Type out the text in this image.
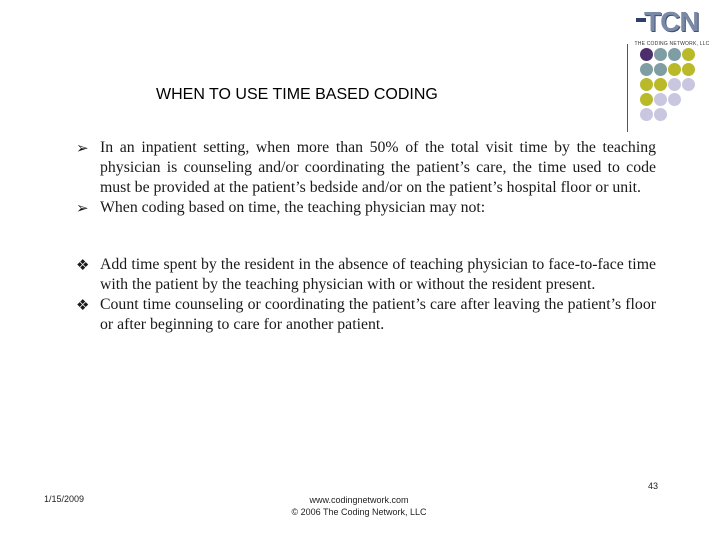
TCN
THE CODING NETWORK, LLC
WHEN TO USE TIME BASED CODING
➢ In an inpatient setting, when more than 50% of the total visit time by the teaching physician is counseling and/or coordinating the patient’s care, the time used to code must be provided at the patient’s bedside and/or on the patient’s hospital floor or unit.

➢ When coding based on time, the teaching physician may not:

❖ Add time spent by the resident in the absence of teaching physician to face-to-face time with the patient by the teaching physician with or without the resident present.

❖ Count time counseling or coordinating the patient’s care after leaving the patient’s floor or after beginning to care for another patient.

43
1/15/2009	www.codingnetwork.com
© 2006 The Coding Network, LLC
